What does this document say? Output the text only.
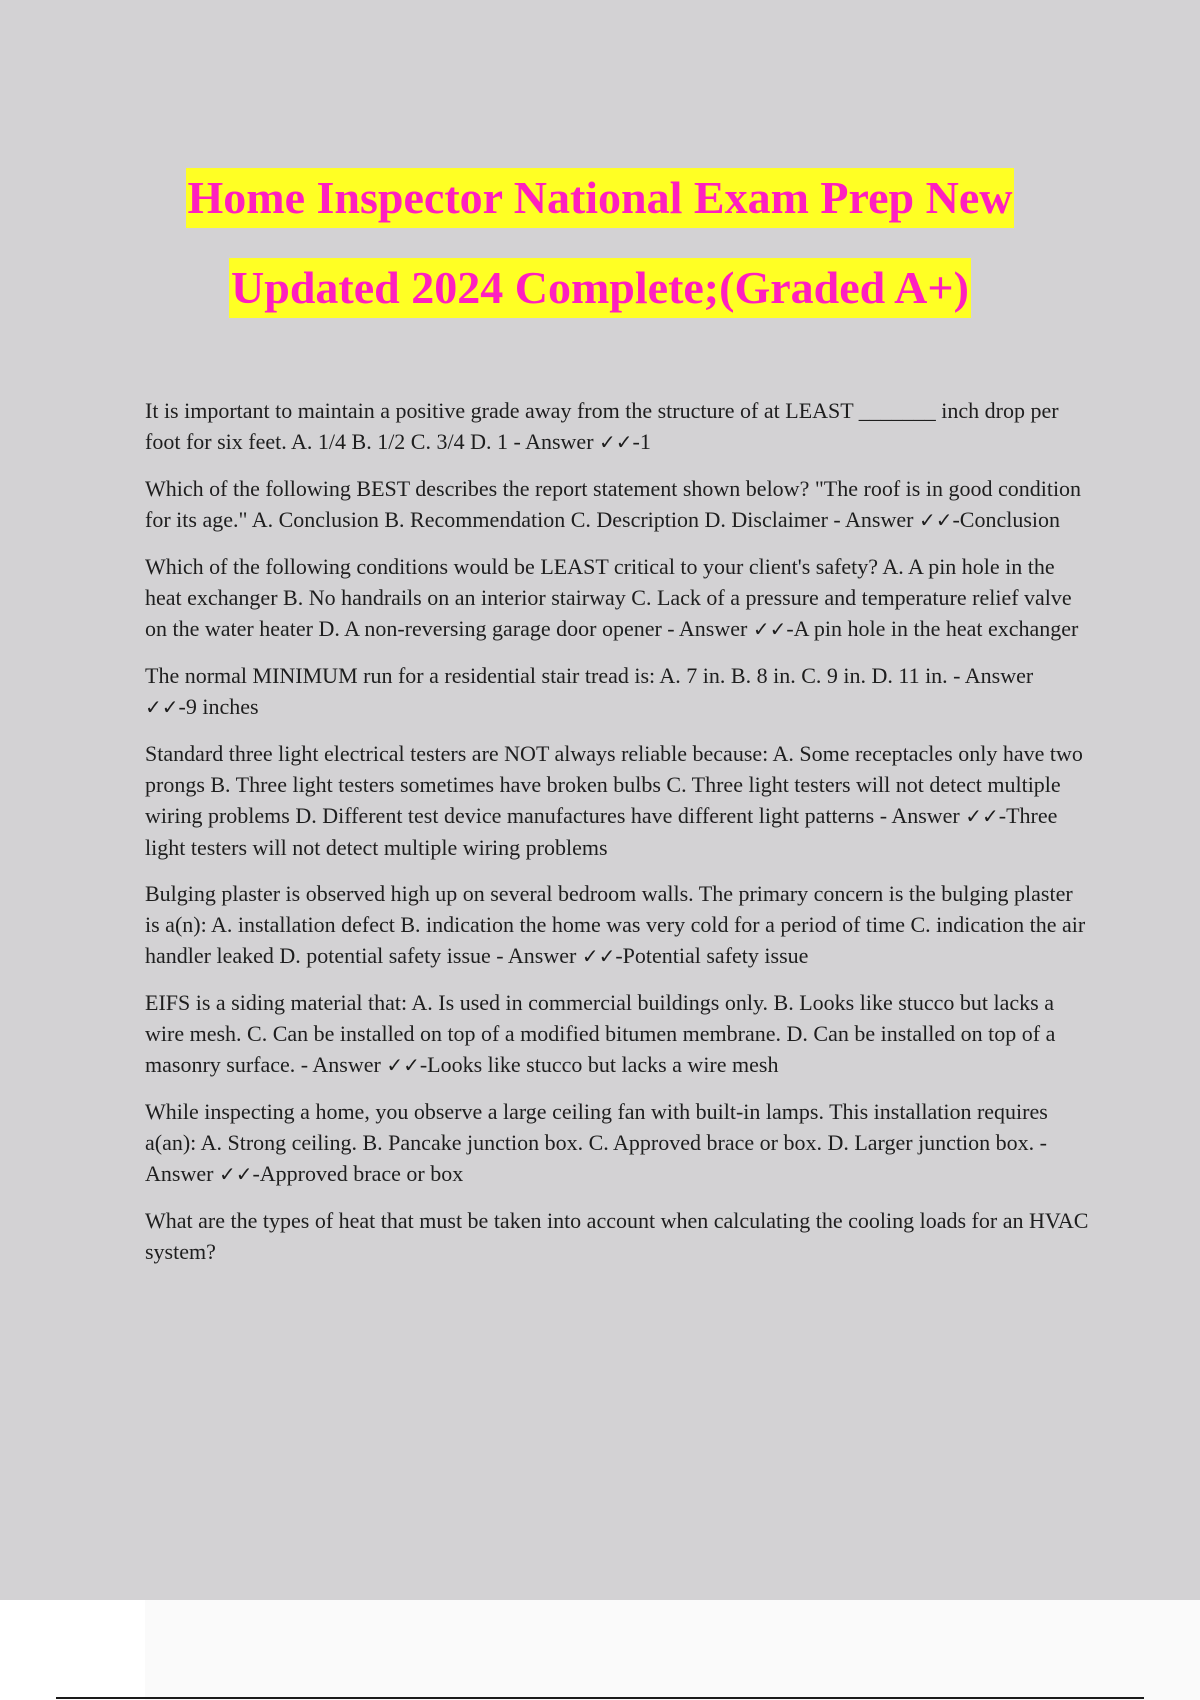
Home Inspector National Exam Prep New
Updated 2024 Complete;(Graded A+)

It is important to maintain a positive grade away from the structure of at LEAST _______ inch drop per foot for six feet. A. 1/4 B. 1/2 C. 3/4 D. 1 - Answer ✓✓-1

Which of the following BEST describes the report statement shown below? "The roof is in good condition for its age." A. Conclusion B. Recommendation C. Description D. Disclaimer - Answer ✓✓-Conclusion

Which of the following conditions would be LEAST critical to your client's safety? A. A pin hole in the heat exchanger B. No handrails on an interior stairway C. Lack of a pressure and temperature relief valve on the water heater D. A non-reversing garage door opener - Answer ✓✓-A pin hole in the heat exchanger

The normal MINIMUM run for a residential stair tread is: A. 7 in. B. 8 in. C. 9 in. D. 11 in. - Answer ✓✓-9 inches

Standard three light electrical testers are NOT always reliable because: A. Some receptacles only have two prongs B. Three light testers sometimes have broken bulbs C. Three light testers will not detect multiple wiring problems D. Different test device manufactures have different light patterns - Answer ✓✓-Three light testers will not detect multiple wiring problems

Bulging plaster is observed high up on several bedroom walls. The primary concern is the bulging plaster is a(n): A. installation defect B. indication the home was very cold for a period of time C. indication the air handler leaked D. potential safety issue - Answer ✓✓-Potential safety issue

EIFS is a siding material that: A. Is used in commercial buildings only. B. Looks like stucco but lacks a wire mesh. C. Can be installed on top of a modified bitumen membrane. D. Can be installed on top of a masonry surface. - Answer ✓✓-Looks like stucco but lacks a wire mesh

While inspecting a home, you observe a large ceiling fan with built-in lamps. This installation requires a(an): A. Strong ceiling. B. Pancake junction box. C. Approved brace or box. D. Larger junction box. - Answer ✓✓-Approved brace or box

What are the types of heat that must be taken into account when calculating the cooling loads for an HVAC system?
